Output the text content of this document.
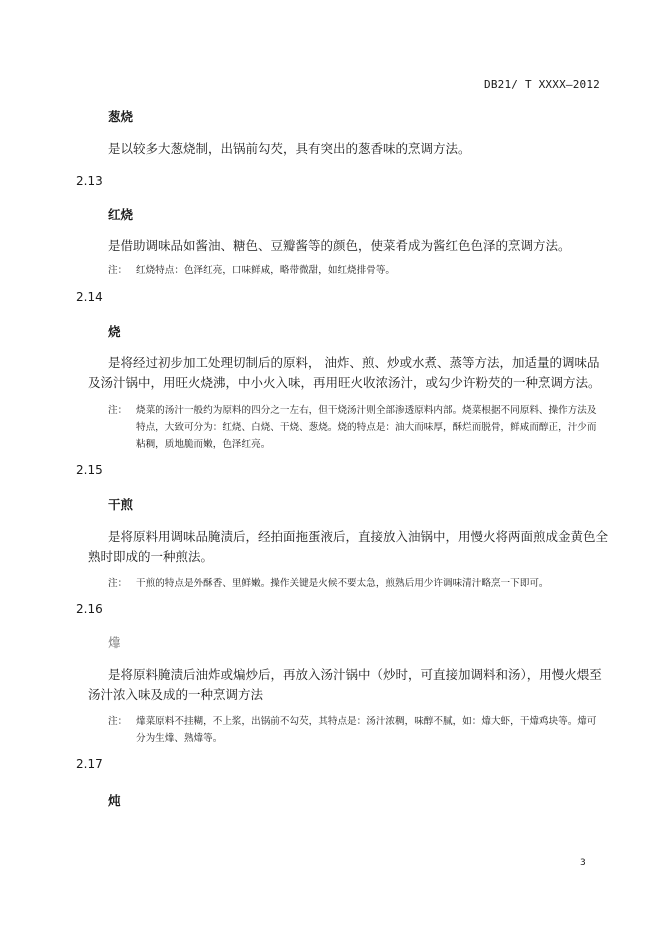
DB21/ T XXXX—2012
葱烧
是以较多大葱烧制，出锅前勾芡，具有突出的葱香味的烹调方法。
2.13
红烧
是借助调味品如酱油、糖色、豆瓣酱等的颜色，使菜肴成为酱红色色泽的烹调方法。
注： 红烧特点：色泽红亮，口味鲜咸，略带微甜，如红烧排骨等。
2.14
烧
是将经过初步加工处理切制后的原料， 油炸、煎、炒或水煮、蒸等方法，加适量的调味品及汤汁锅中，用旺火烧沸，中小火入味，再用旺火收浓汤汁，或勾少许粉芡的一种烹调方法。
注： 烧菜的汤汁一般约为原料的四分之一左右，但干烧汤汁则全部渗透原料内部。烧菜根据不同原料、操作方法及特点，大致可分为：红烧、白烧、干烧、葱烧。烧的特点是：油大而味厚，酥烂而脱骨，鲜咸而醇正，汁少而粘稠，质地脆而嫩，色泽红亮。
2.15
干煎
是将原料用调味品腌渍后，经拍面拖蛋液后，直接放入油锅中，用慢火将两面煎成金黄色全熟时即成的一种煎法。
注： 干煎的特点是外酥香、里鲜嫩。操作关键是火候不要太急，煎熟后用少许调味清汁略烹一下即可。
2.16
㸆
是将原料腌渍后油炸或煸炒后，再放入汤汁锅中（炒时，可直接加调料和汤），用慢火煨至汤汁浓入味及成的一种烹调方法
注： 㸆菜原料不挂糊，不上浆，出锅前不勾芡，其特点是：汤汁浓稠，味醇不腻，如：㸆大虾，干㸆鸡块等。㸆可分为生㸆、熟㸆等。
2.17
炖
3
